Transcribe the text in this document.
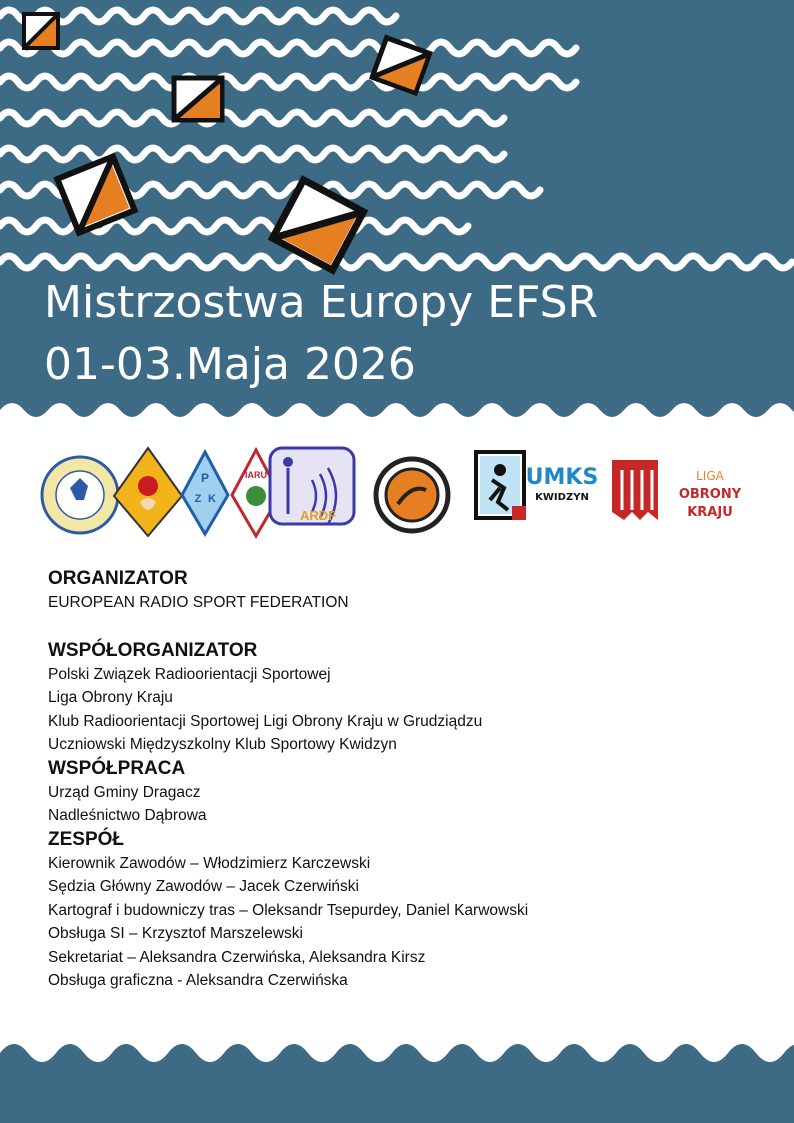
Mistrzostwa Europy EFSR
01-03.Maja 2026
P
Z K
IARU
ARDF
UMKS
KWIDZYN
LIGA
OBRONY
KRAJU

ORGANIZATOR

EUROPEAN RADIO SPORT FEDERATION

WSPÓŁORGANIZATOR

Polski Związek Radioorientacji Sportowej

Liga Obrony Kraju

Klub Radioorientacji Sportowej Ligi Obrony Kraju w Grudziądzu

Uczniowski Międzyszkolny Klub Sportowy Kwidzyn

WSPÓŁPRACA

Urząd Gminy Dragacz

Nadleśnictwo Dąbrowa

ZESPÓŁ

Kierownik Zawodów – Włodzimierz Karczewski

Sędzia Główny Zawodów – Jacek Czerwiński

Kartograf i budowniczy tras – Oleksandr Tsepurdey, Daniel Karwowski

Obsługa SI – Krzysztof Marszelewski

Sekretariat – Aleksandra Czerwińska, Aleksandra Kirsz

Obsługa graficzna - Aleksandra Czerwińska
